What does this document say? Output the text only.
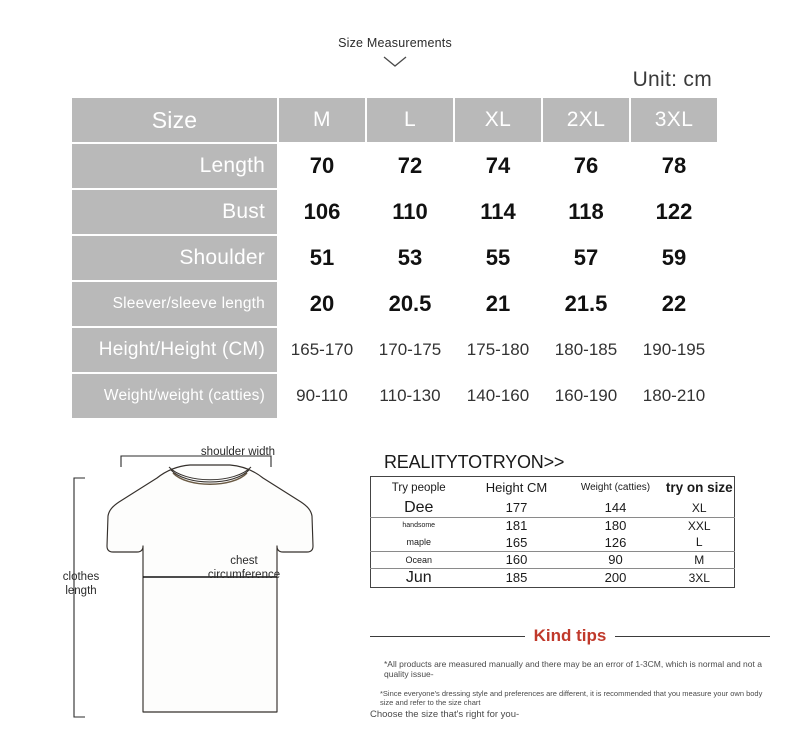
Size Measurements
Unit: cm
Size	M	L	XL	2XL	3XL
Length	70	72	74	76	78
Bust	106	110	114	118	122
Shoulder	51	53	55	57	59
Sleever/sleeve length	20	20.5	21	21.5	22
Height/Height (CM)	165-170	170-175	175-180	180-185	190-195
Weight/weight (catties)	90-110	110-130	140-160	160-190	180-210
shoulder width
clothes length
chest circumference
REALITYTOTRYON>>
Try people	Height CM	Weight (catties)	try on size
Dee	177	144	XL
handsome	181	180	XXL
maple	165	126	L
Ocean	160	90	M
Jun	185	200	3XL
Kind tips

*All products are measured manually and there may be an error of 1-3CM, which is normal and not a quality issue-

*Since everyone's dressing style and preferences are different, it is recommended that you measure your own body size and refer to the size chart

Choose the size that's right for you-
